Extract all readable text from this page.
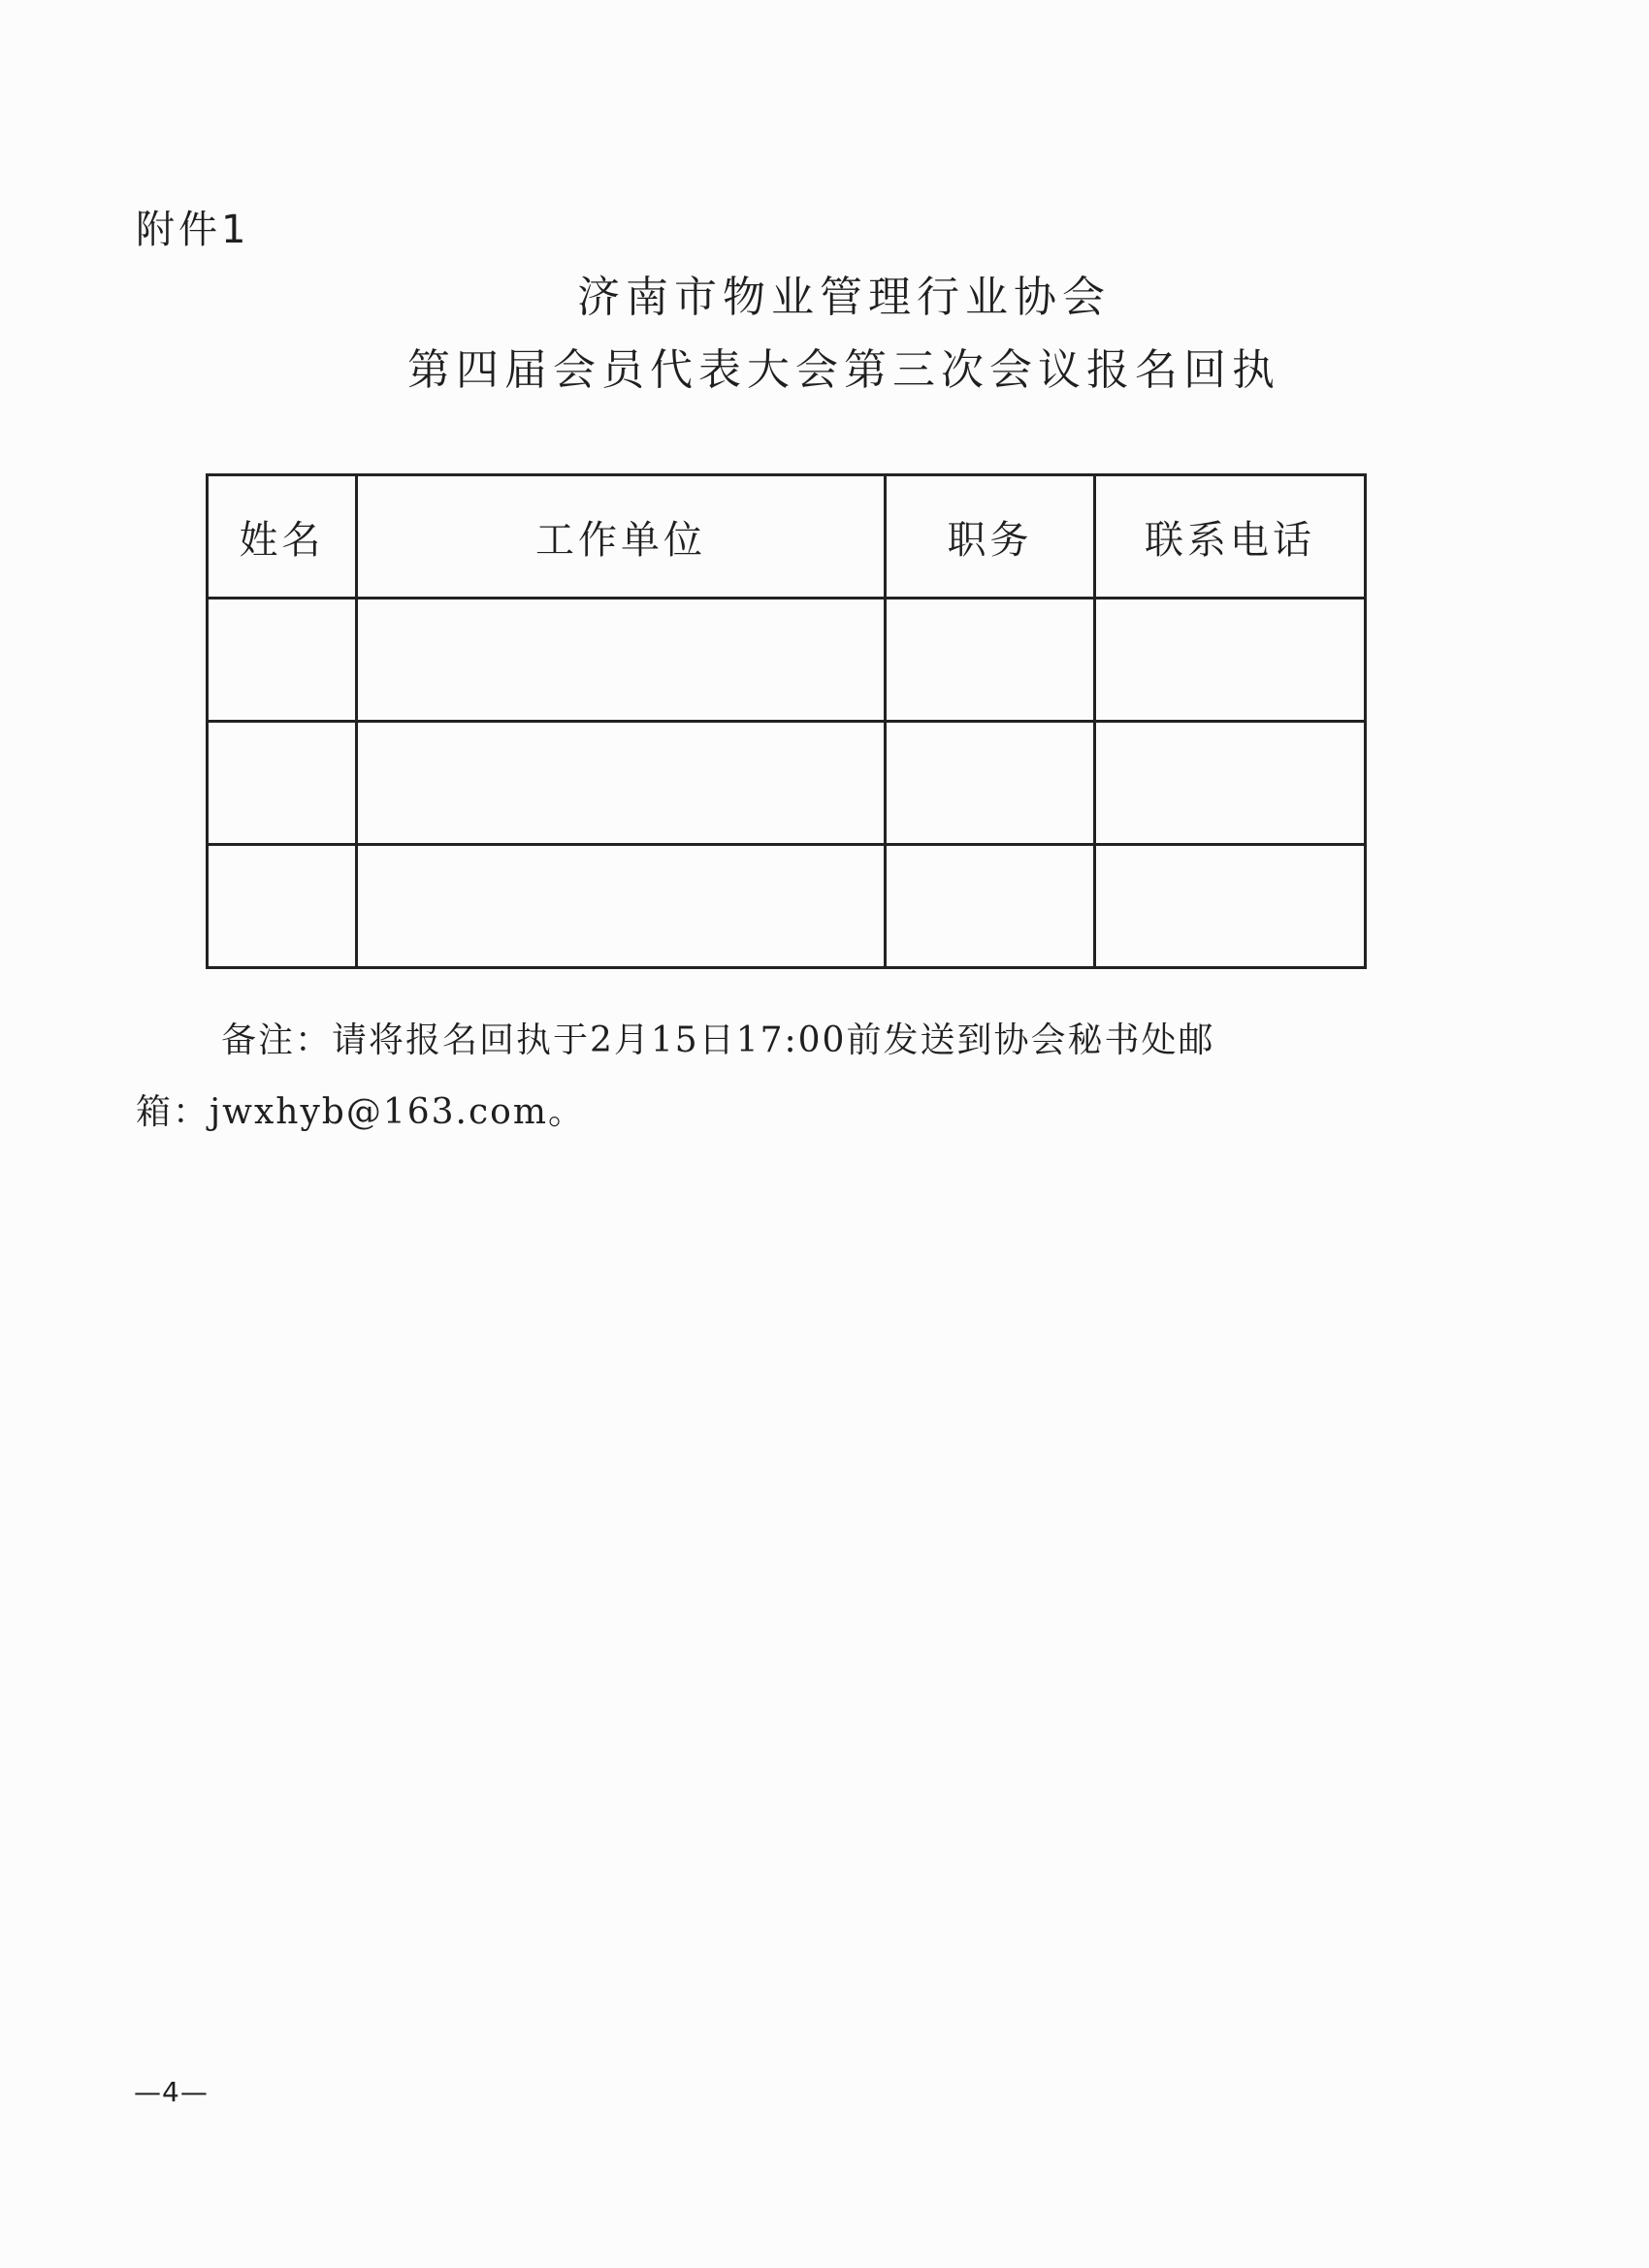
附件1
济南市物业管理行业协会
第四届会员代表大会第三次会议报名回执
姓名	工作单位	职务	联系电话

备注：请将报名回执于2月15日17:00前发送到协会秘书处邮
箱：jwxhyb@163.com。
—4—
